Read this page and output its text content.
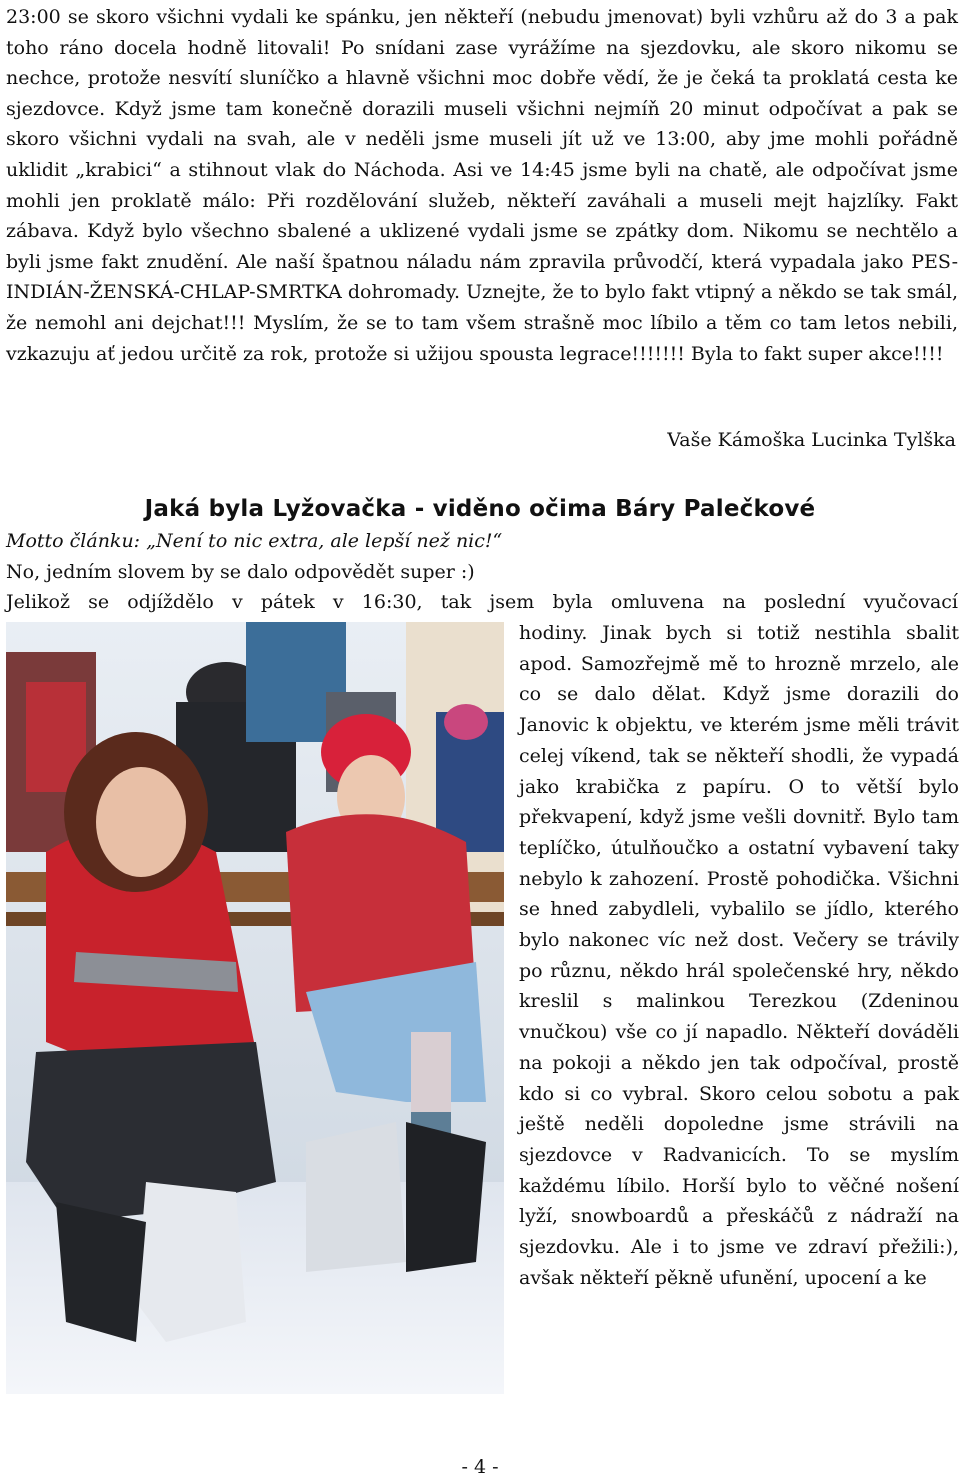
23:00 se skoro všichni vydali ke spánku, jen někteří (nebudu jmenovat) byli vzhůru až do 3 a pak toho ráno docela hodně litovali! Po snídani zase vyrážíme na sjezdovku, ale skoro nikomu se nechce, protože nesvítí sluníčko a hlavně všichni moc dobře vědí, že je čeká ta proklatá cesta ke sjezdovce. Když jsme tam konečně dorazili museli všichni nejmíň 20 minut odpočívat a pak se skoro všichni vydali na svah, ale v neděli jsme museli jít už ve 13:00, aby jme mohli pořádně uklidit „krabici“ a stihnout vlak do Náchoda. Asi ve 14:45 jsme byli na chatě, ale odpočívat jsme mohli jen proklatě málo: Při rozdělování služeb, někteří zaváhali a museli mejt hajzlíky. Fakt zábava. Když bylo všechno sbalené a uklizené vydali jsme se zpátky dom. Nikomu se nechtělo a byli jsme fakt znudění. Ale naší špatnou náladu nám zpravila průvodčí, která vypadala jako PES-INDIÁN-ŽENSKÁ-CHLAP-SMRTKA dohromady. Uznejte, že to bylo fakt vtipný a někdo se tak smál, že nemohl ani dejchat!!! Myslím, že se to tam všem strašně moc líbilo a těm co tam letos nebili, vzkazuju ať jedou určitě za rok, protože si užijou spousta legrace!!!!!!! Byla to fakt super akce!!!!

Vaše Kámoška Lucinka Tylška

Jaká byla Lyžovačka - viděno očima Báry Palečkové

Motto článku: „Není to nic extra, ale lepší než nic!“

No, jedním slovem by se dalo odpovědět super :)

Jelikož se odjíždělo v pátek v 16:30, tak jsem byla omluvena na poslední vyučovací

hodiny. Jinak bych si totiž nestihla sbalit apod. Samozřejmě mě to hrozně mrzelo, ale co se dalo dělat. Když jsme dorazili do Janovic k objektu, ve kterém jsme měli trávit celej víkend, tak se někteří shodli, že vypadá jako krabička z papíru. O to větší bylo překvapení, když jsme vešli dovnitř. Bylo tam teplíčko, útulňoučko a ostatní vybavení taky nebylo k zahození. Prostě pohodička. Všichni se hned zabydleli, vybalilo se jídlo, kterého bylo nakonec víc než dost. Večery se trávily po různu, někdo hrál společenské hry, někdo kreslil s malinkou Terezkou (Zdeninou vnučkou) vše co jí napadlo. Někteří dováděli na pokoji a někdo jen tak odpočíval, prostě kdo si co vybral. Skoro celou sobotu a pak ještě neděli dopoledne jsme strávili na sjezdovce v Radvanicích. To se myslím každému líbilo. Horší bylo to věčné nošení lyží, snowboardů a přeskáčů z nádraží na sjezdovku. Ale i to jsme ve zdraví přežili:), avšak někteří pěkně ufunění, upocení a ke

- 4 -
